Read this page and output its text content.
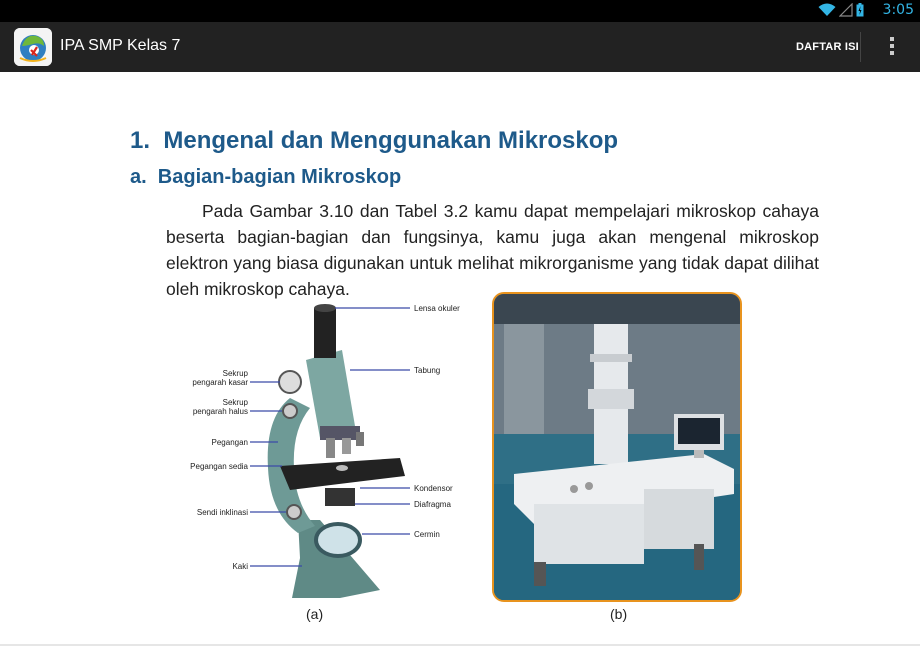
3:05
IPA SMP Kelas 7	DAFTAR ISI
1.  Mengenal dan Menggunakan Mikroskop
a.  Bagian-bagian Mikroskop
Pada Gambar 3.10 dan Tabel 3.2 kamu dapat mempelajari mikroskop cahaya beserta bagian-bagian dan fungsinya, kamu juga akan mengenal mikroskop elektron yang biasa digunakan untuk melihat mikrorganisme yang tidak dapat dilihat oleh mikroskop cahaya.
Lensa okuler
Tabung
Sekrup
pengarah kasar
Sekrup
pengarah halus
Pegangan
Pegangan sedia
Kondensor
Diafragma
Sendi inklinasi
Cermin
Kaki
(a)	(b)
